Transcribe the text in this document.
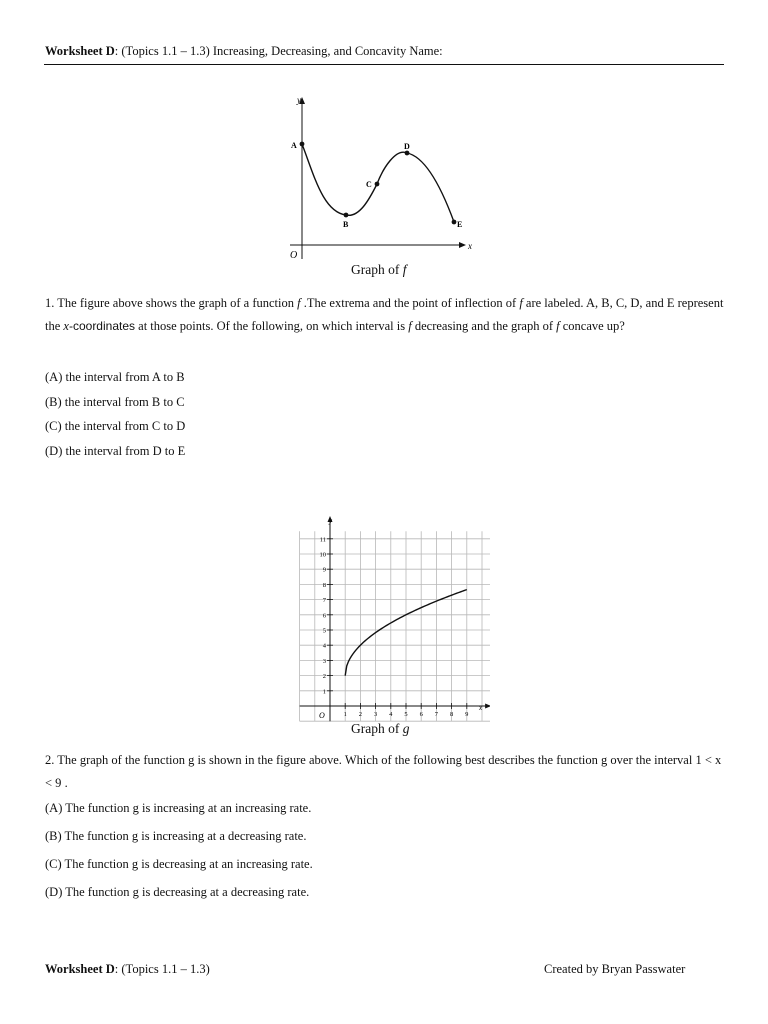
Worksheet D: (Topics 1.1 – 1.3) Increasing, Decreasing, and Concavity Name:
y
x
O
A
B
C
D
E
Graph of f
1. The figure above shows the graph of a function f .The extrema and the point of inflection of f are labeled. A, B, C, D, and E represent the x-coordinates at those points. Of the following, on which interval is f decreasing and the graph of f concave up?
(A) the interval from A to B
(B) the interval from B to C
(C) the interval from C to D
(D) the interval from D to E
y
x
O
1
2
3
4
5
6
7
8
9
10
11
1 2 3 4 5 6 7 8 9
Graph of g
2. The graph of the function g is shown in the figure above. Which of the following best describes the function g over the interval 1 < x < 9 .
(A) The function g is increasing at an increasing rate.
(B) The function g is increasing at a decreasing rate.
(C) The function g is decreasing at an increasing rate.
(D) The function g is decreasing at a decreasing rate.
Worksheet D: (Topics 1.1 – 1.3)	Created by Bryan Passwater
